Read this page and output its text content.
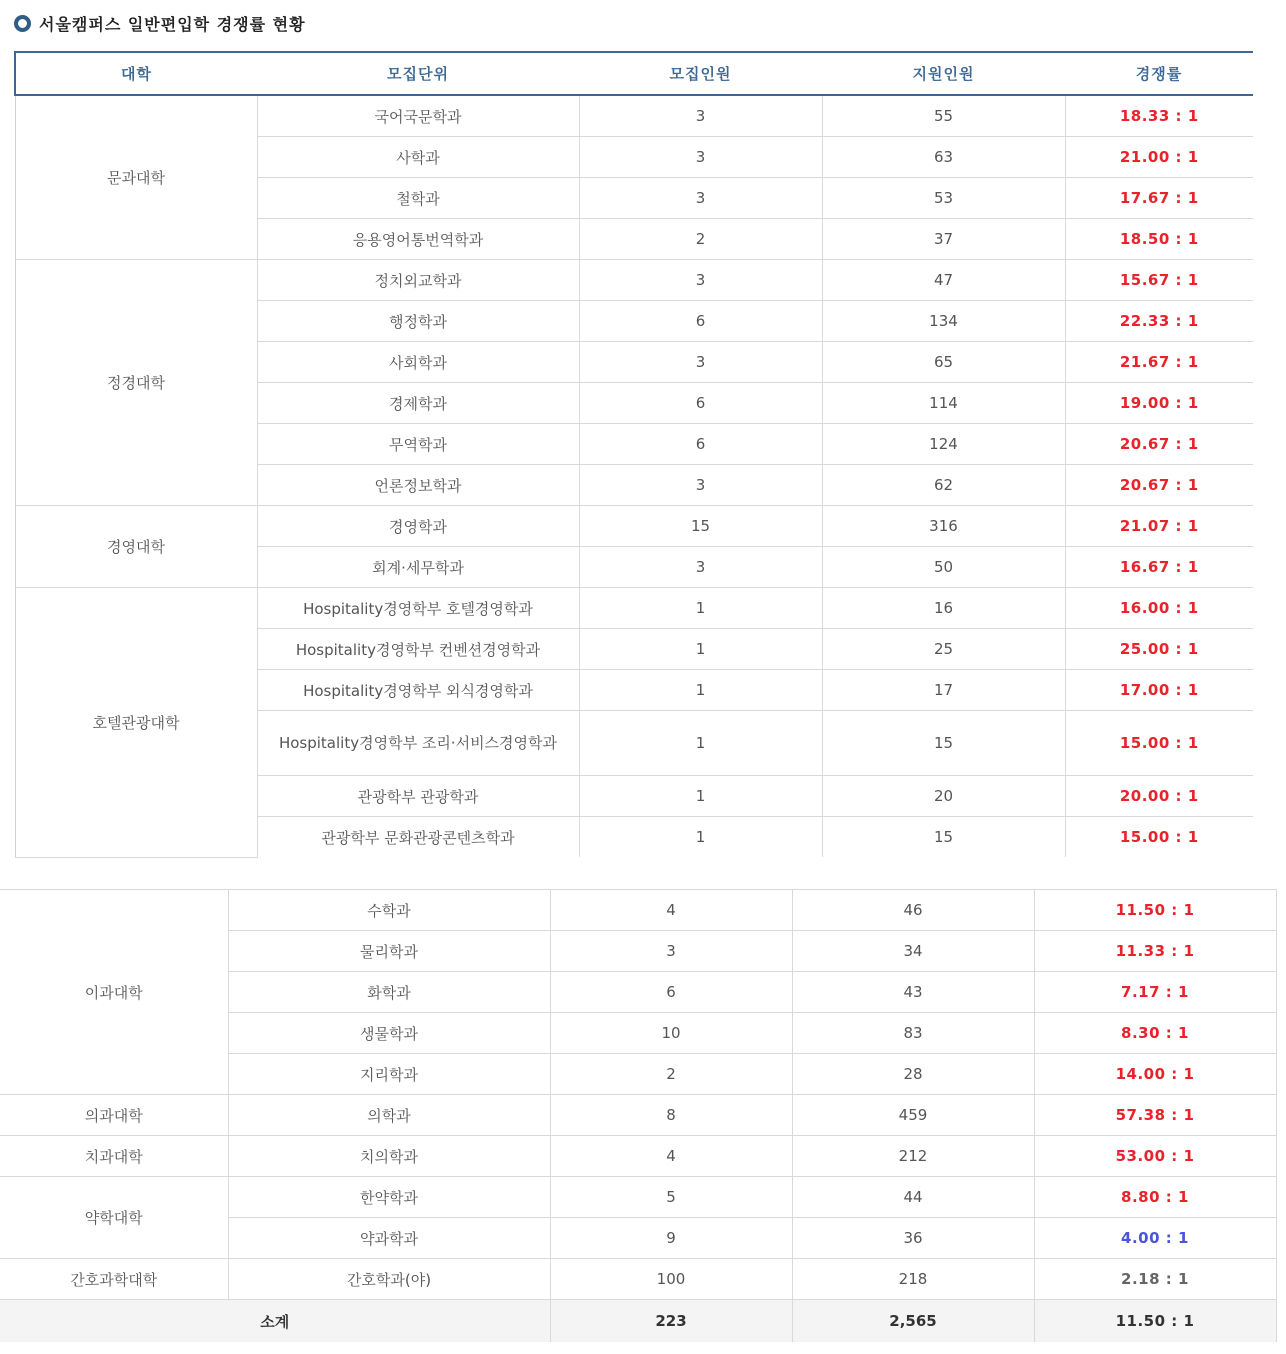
서울캠퍼스 일반편입학 경쟁률 현황
대학	모집단위	모집인원	지원인원	경쟁률
문과대학	국어국문학과	3	55	18.33 : 1
	사학과	3	63	21.00 : 1
	철학과	3	53	17.67 : 1
	응용영어통번역학과	2	37	18.50 : 1
정경대학	정치외교학과	3	47	15.67 : 1
	행정학과	6	134	22.33 : 1
	사회학과	3	65	21.67 : 1
	경제학과	6	114	19.00 : 1
	무역학과	6	124	20.67 : 1
	언론정보학과	3	62	20.67 : 1
경영대학	경영학과	15	316	21.07 : 1
	회계·세무학과	3	50	16.67 : 1
호텔관광대학	Hospitality경영학부 호텔경영학과	1	16	16.00 : 1
	Hospitality경영학부 컨벤션경영학과	1	25	25.00 : 1
	Hospitality경영학부 외식경영학과	1	17	17.00 : 1
	Hospitality경영학부 조리·서비스경영학과	1	15	15.00 : 1
	관광학부 관광학과	1	20	20.00 : 1
	관광학부 문화관광콘텐츠학과	1	15	15.00 : 1
이과대학	수학과	4	46	11.50 : 1
	물리학과	3	34	11.33 : 1
	화학과	6	43	7.17 : 1
	생물학과	10	83	8.30 : 1
	지리학과	2	28	14.00 : 1
의과대학	의학과	8	459	57.38 : 1
치과대학	치의학과	4	212	53.00 : 1
약학대학	한약학과	5	44	8.80 : 1
	약과학과	9	36	4.00 : 1
간호과학대학	간호학과(야)	100	218	2.18 : 1
소계		223	2,565	11.50 : 1
